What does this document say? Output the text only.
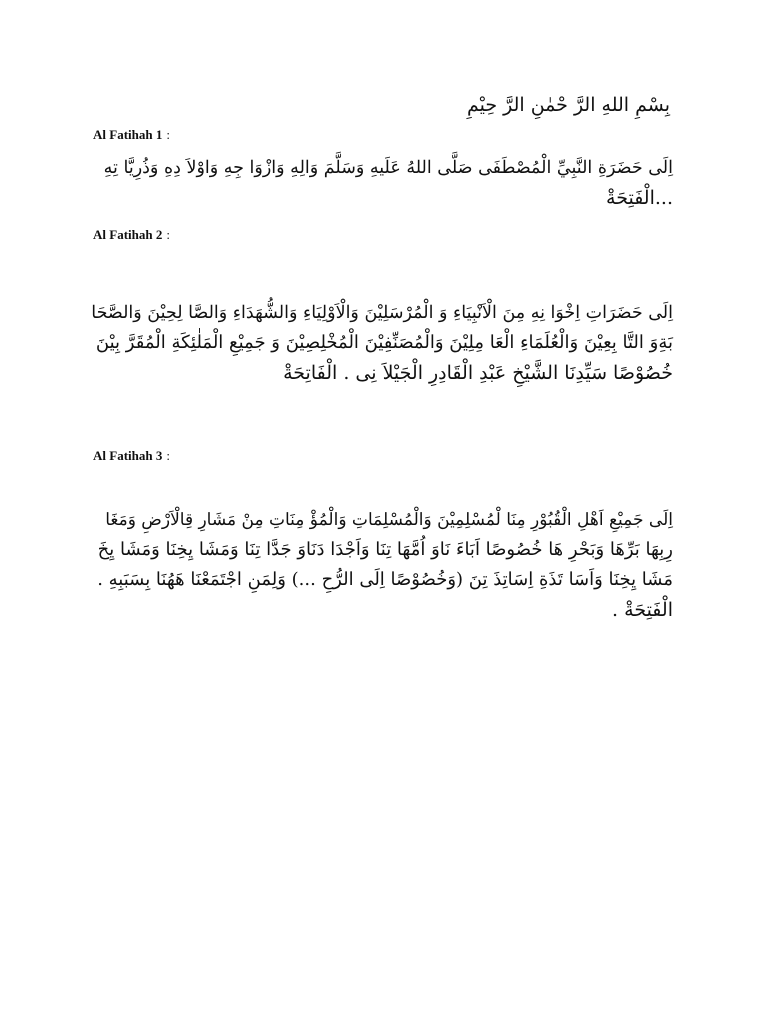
بِسْمِ اللهِ الرَّ حْمٰنِ الرَّ حِيْمِ
Al Fatihah 1 :
اِلَى حَضَرَةِ النَّبِيِّ الْمُصْطَفَى صَلَّى اللهُ عَلَيهِ وَسَلَّمَ وَالِهِ وَازْوَا جِهِ وَاوْلاَ دِهِ وَذُرِيَّا تِهِ
...الْفَتِحَةْ
Al Fatihah 2 :
اِلَى حَضَرَاتِ اِخْوَا نِهِ مِنَ الْاَنْبِيَاءِ وَ الْمُرْسَلِيْنَ وَالْاَوْلِيَاءِ وَالشُّهَدَاءِ وَالصَّا لِحِيْنَ وَالصَّحَا
بَةِوَ التَّا بِعِيْنَ وَالْعُلَمَاءِ الْعَا مِلِيْنَ وَالْمُصَنِّفِيْنَ الْمُخْلِصِيْنَ وَ جَمِيْعِ الْمَلٰئِكَةِ الْمُقَرَّ بِيْنَ
خُصُوْصًا سَيِّدِنَا الشَّيْخِ عَبْدِ الْقَادِرِ الْجَيْلاَ نِى . الْفَاتِحَةْ
Al Fatihah 3 :
اِلَى جَمِيْعِ اَهْلِ الْقُبُوْرِ مِنَا لْمُسْلِمِيْنَ وَالْمُسْلِمَاتِ وَالْمُؤْ مِنَاتِ مِنْ مَشَارِ قِالْاَرْضِ وَمَغَا
رِبِهَا بَرِّهَا وَبَحْرِ هَا خُصُوصًا اَبَاءَ نَاوَ اُمَّهَا تِنَا وَاَجْدَا دَنَاوَ جَدَّا تِنَا وَمَشَا يِخِنَا وَمَشَا يِخَ
مَشَا يِخِنَا وَاَسَا تَذَةِ اِسَاتِذَ تِنَ (وَخُصُوْصًا اِلَى الرُّحِ ...) وَلِمَنِ اجْتَمَعْنَا هَهُنَا بِسَبَبِهِ .
الْفَتِحَةْ .
